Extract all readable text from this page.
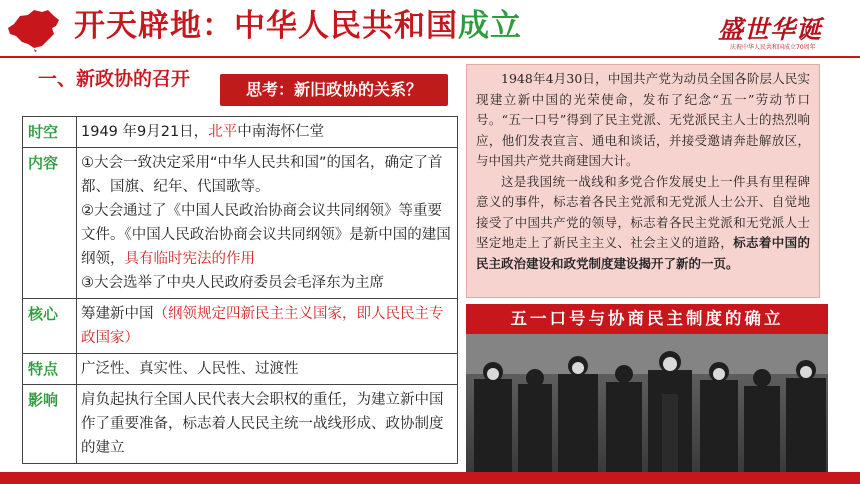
开天辟地：中华人民共和国成立	盛世华诞
庆祝中华人民共和国成立70周年
一、新政协的召开	思考：新旧政协的关系？
时空	1949 年9月21日，北平中南海怀仁堂
内容	①大会一致决定采用“中华人民共和国”的国名，确定了首都、国旗、纪年、代国歌等。
②大会通过了《中国人民政治协商会议共同纲领》等重要文件。《中国人民政治协商会议共同纲领》是新中国的建国纲领，具有临时宪法的作用
③大会选举了中央人民政府委员会毛泽东为主席
核心	筹建新中国（纲领规定四新民主主义国家，即人民民主专政国家）
特点	广泛性、真实性、人民性、过渡性
影响	肩负起执行全国人民代表大会职权的重任，为建立新中国作了重要准备，标志着人民民主统一战线形成、政协制度的建立

1948年4月30日，中国共产党为动员全国各阶层人民实现建立新中国的光荣使命，发布了纪念“五一”劳动节口号。“五一口号”得到了民主党派、无党派民主人士的热烈响应，他们发表宣言、通电和谈话，并接受邀请奔赴解放区，与中国共产党共商建国大计。

这是我国统一战线和多党合作发展史上一件具有里程碑意义的事件，标志着各民主党派和无党派人士公开、自觉地接受了中国共产党的领导，标志着各民主党派和无党派人士坚定地走上了新民主主义、社会主义的道路，标志着中国的民主政治建设和政党制度建设揭开了新的一页。

五一口号与协商民主制度的确立
